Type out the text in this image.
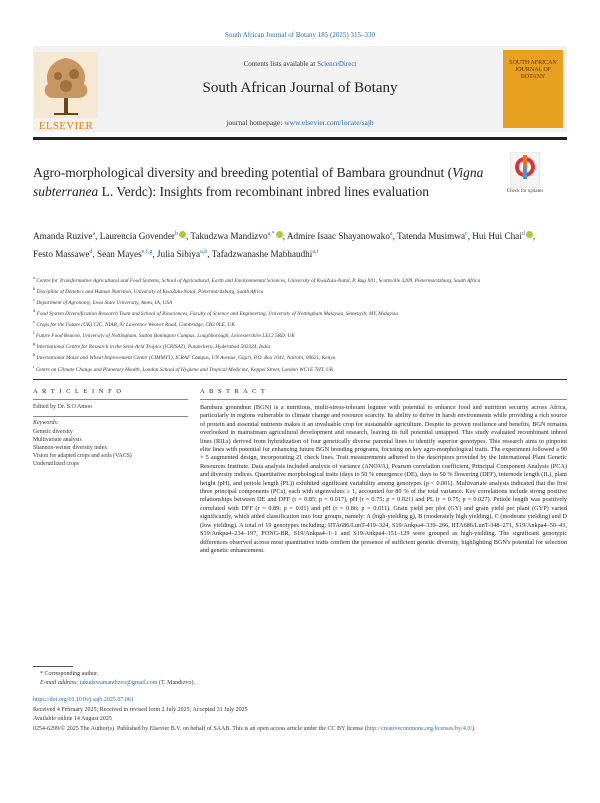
South African Journal of Botany 185 (2025) 315–330
ELSEVIER
Contents lists available at ScienceDirect
South African Journal of Botany
journal homepage: www.elsevier.com/locate/sajb
SOUTH AFRICAN JOURNAL OF BOTANY
Agro-morphological diversity and breeding potential of Bambara groundnut (Vigna subterranea L. Verdc): Insights from recombinant inbred lines evaluation	Check for updates
Amanda Ruzive$^a$, Laurencia Govender$^b$ , Takudzwa Mandizvo$^{a,*}$ , Admire Isaac Shayanowako$^a$, Tatenda Musimwa$^c$, Hui Hui Chai$^d$ , Festo Massawe$^d$, Sean Mayes$^{e,f,g}$, Julia Sibiya$^{a,h}$, Tafadzwanashe Mabhaudhi$^{a,i}$
$^a$ Centre for Transformative Agricultural and Food Systems, School of Agricultural, Earth and Environmental Sciences, University of KwaZulu-Natal, P. Bag X01, Scottsville 3209, Pietermaritzburg, South Africa
$^b$ Discipline of Dietetics and Human Nutrition, University of KwaZulu-Natal, Pietermaritzburg, South Africa
$^c$ Department of Agronomy, Iowa State University, Ames, IA, USA
$^d$ Food System Diversification Research Team and School of Biosciences, Faculty of Science and Engineering, University of Nottingham Malaysia, Semenyih, MY, Malaysia
$^e$ Crops for the Future (UK) CIC, NIAB, 93 Lawrence Weaver Road, Cambridge, CB3 0LE, UK
$^f$ Future Food Beacon, University of Nottingham, Sutton Bonington Campus, Loughborough, Leicestershire LE12 5RD, UK
$^g$ International Centre for Research in the Semi-Arid Tropics (ICRISAT), Patancheru, Hyderabad 502324, India
$^h$ International Maize and Wheat Improvement Center (CIMMYT), ICRAF Campus, UN Avenue, Gigiri, P.O. Box 1041, Nairobi, 00621, Kenya
$^i$ Centre on Climate Change and Planetary Health, London School of Hygiene and Tropical Medicine, Keppel Street, London WC1E 7HT, UK
A R T I C L E I N F O	A B S T R A C T
Edited by Dr. S.O Amoo
Keywords:
Genetic diversity
Multivariate analysis
Shannon-weiner diversity index
Vision for adapted crops and soils (VACS)
Underutilized crops

Bambara groundnut (BGN) is a nutritious, multi-stress-tolerant legume with potential to enhance food and nutrition security across Africa, particularly in regions vulnerable to climate change and resource scarcity. Its ability to thrive in harsh environments while providing a rich source of protein and essential nutrients makes it an invaluable crop for sustainable agriculture. Despite its proven resilience and benefits, BGN remains overlooked in mainstream agricultural development and research, leaving its full potential untapped. This study evaluated recombinant inbred lines (RILs) derived from hybridization of four genetically diverse parental lines to identify superior genotypes. This research aims to pinpoint elite lines with potential for enhancing future BGN breeding programs, focusing on key agro-morphological traits. The experiment followed a 90 × 5 augmented design, incorporating 21 check lines. Trait measurements adhered to the descriptors provided by the International Plant Genetic Resources Institute. Data analysis included analysis of variance (ANOVA), Pearson correlation coefficient, Principal Component Analysis (PCA) and diversity indices. Quantitative morphological traits (days to 50 % emergence (DE), days to 50 % flowering (DFF), internode length (IL), plant height (pH), and petiole length (PL)) exhibited significant variability among genotypes (p < 0.001). Multivariate analysis indicated that the first three principal components (PCs), each with eigenvalues ≥ 1, accounted for 80 % of the total variance. Key correlations include strong positive relationships between DE and DFF (r = 0.85; p = 0.017), pH (r = 0.75; p = 0.021) and PL (r = 0.75; p = 0.027). Petiole length was positively correlated with DFF (r = 0.89; p = 0.01) and pH (r = 0.86; p = 0.011). Grain yield per plot (GY) and grain yield per plant (GYP) varied significantly, which aided classification into four groups, namely: A (high-yielding g), B (moderately high yielding), C (moderate yielding) and D (low yielding). A total of 19 genotypes including; IITA686/LunT-419–324, S19/Ankpa4–339–266, IITA686/LunT-348–271, S19/Ankpa4–50–43, S19/Ankpa4–234–197, PONG-BR, S19/Ankpa4–1–1 and S19/Ankpa4–151–129 were grouped as high-yielding. The significant genotypic differences observed across most quantitative traits confirm the presence of sufficient genetic diversity, highlighting BGN's potential for selection and genetic enhancement.

* Corresponding author.
E-mail address: takudzwamandizvo@gmail.com (T. Mandizvo).
https://doi.org/10.1016/j.sajb.2025.07.061
Received 4 February 2025; Received in revised form 2 July 2025; Accepted 31 July 2025
Available online 14 August 2025
0254-6299/© 2025 The Author(s). Published by Elsevier B.V. on behalf of SAAB. This is an open access article under the CC BY license (http://creativecommons.org/licenses/by/4.0/).
